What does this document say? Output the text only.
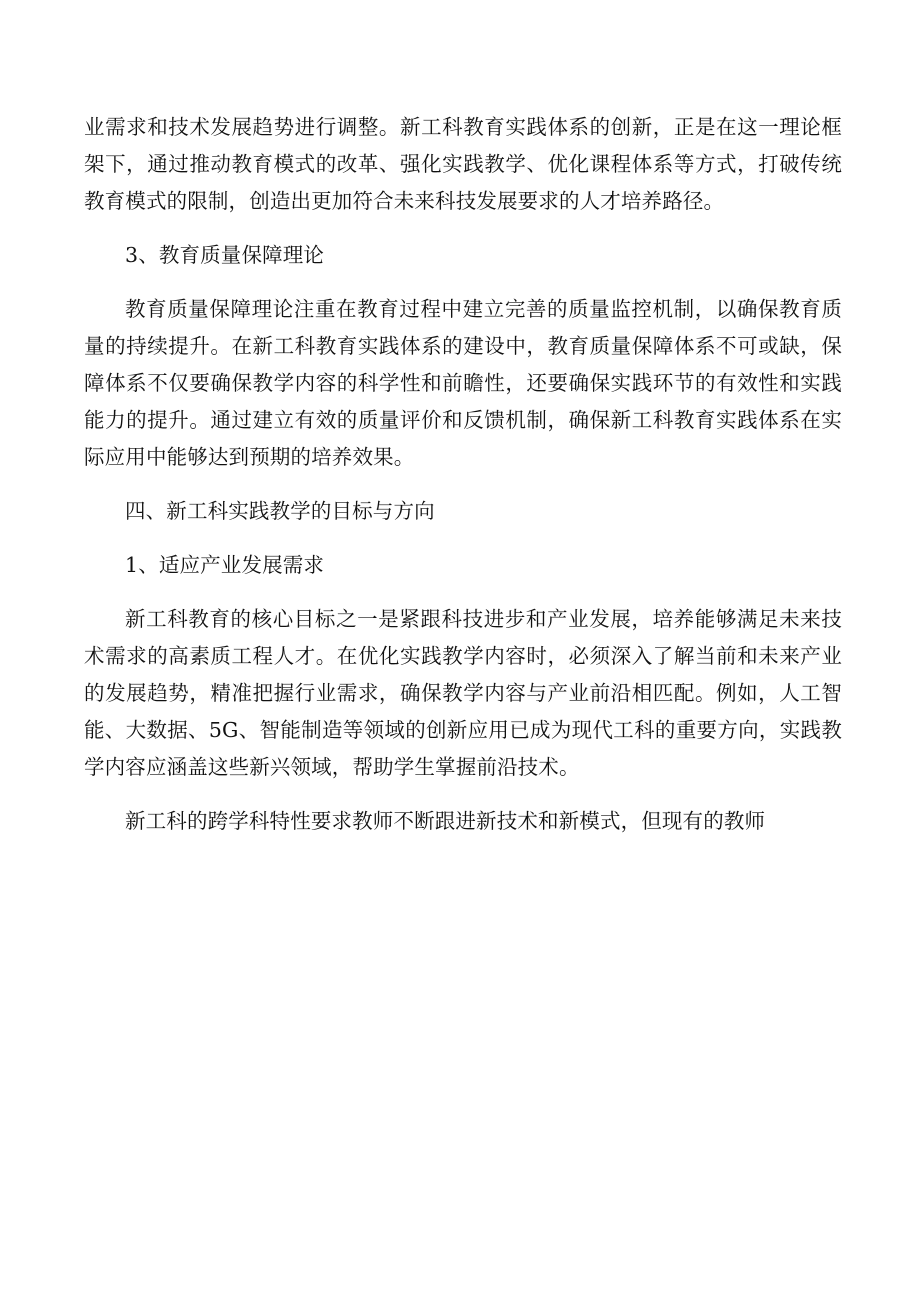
业需求和技术发展趋势进行调整。新工科教育实践体系的创新，正是在这一理论框架下，通过推动教育模式的改革、强化实践教学、优化课程体系等方式，打破传统教育模式的限制，创造出更加符合未来科技发展要求的人才培养路径。

3、教育质量保障理论

教育质量保障理论注重在教育过程中建立完善的质量监控机制，以确保教育质量的持续提升。在新工科教育实践体系的建设中，教育质量保障体系不可或缺，保障体系不仅要确保教学内容的科学性和前瞻性，还要确保实践环节的有效性和实践能力的提升。通过建立有效的质量评价和反馈机制，确保新工科教育实践体系在实际应用中能够达到预期的培养效果。

四、新工科实践教学的目标与方向

1、适应产业发展需求

新工科教育的核心目标之一是紧跟科技进步和产业发展，培养能够满足未来技术需求的高素质工程人才。在优化实践教学内容时，必须深入了解当前和未来产业的发展趋势，精准把握行业需求，确保教学内容与产业前沿相匹配。例如，人工智能、大数据、5G、智能制造等领域的创新应用已成为现代工科的重要方向，实践教学内容应涵盖这些新兴领域，帮助学生掌握前沿技术。

新工科的跨学科特性要求教师不断跟进新技术和新模式，但现有的教师
